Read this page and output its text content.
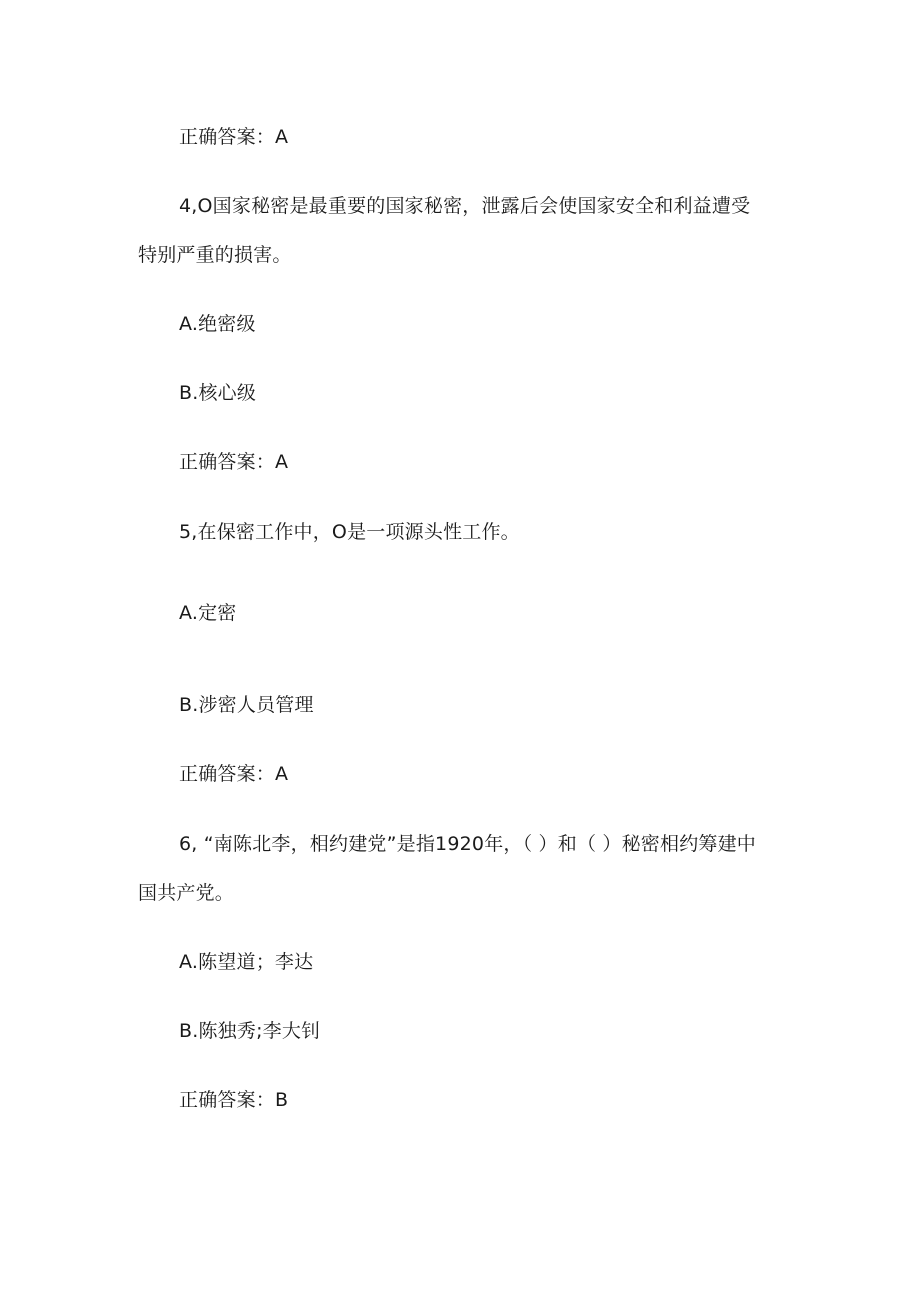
正确答案：A
4,O国家秘密是最重要的国家秘密，泄露后会使国家安全和利益遭受
特别严重的损害。
A.绝密级
B.核心级
正确答案：A
5,在保密工作中，O是一项源头性工作。
A.定密
B.涉密人员管理
正确答案：A
6, “南陈北李，相约建党”是指1920年，（ ）和（ ）秘密相约筹建中
国共产党。
A.陈望道；李达
B.陈独秀;李大钊
正确答案：B
